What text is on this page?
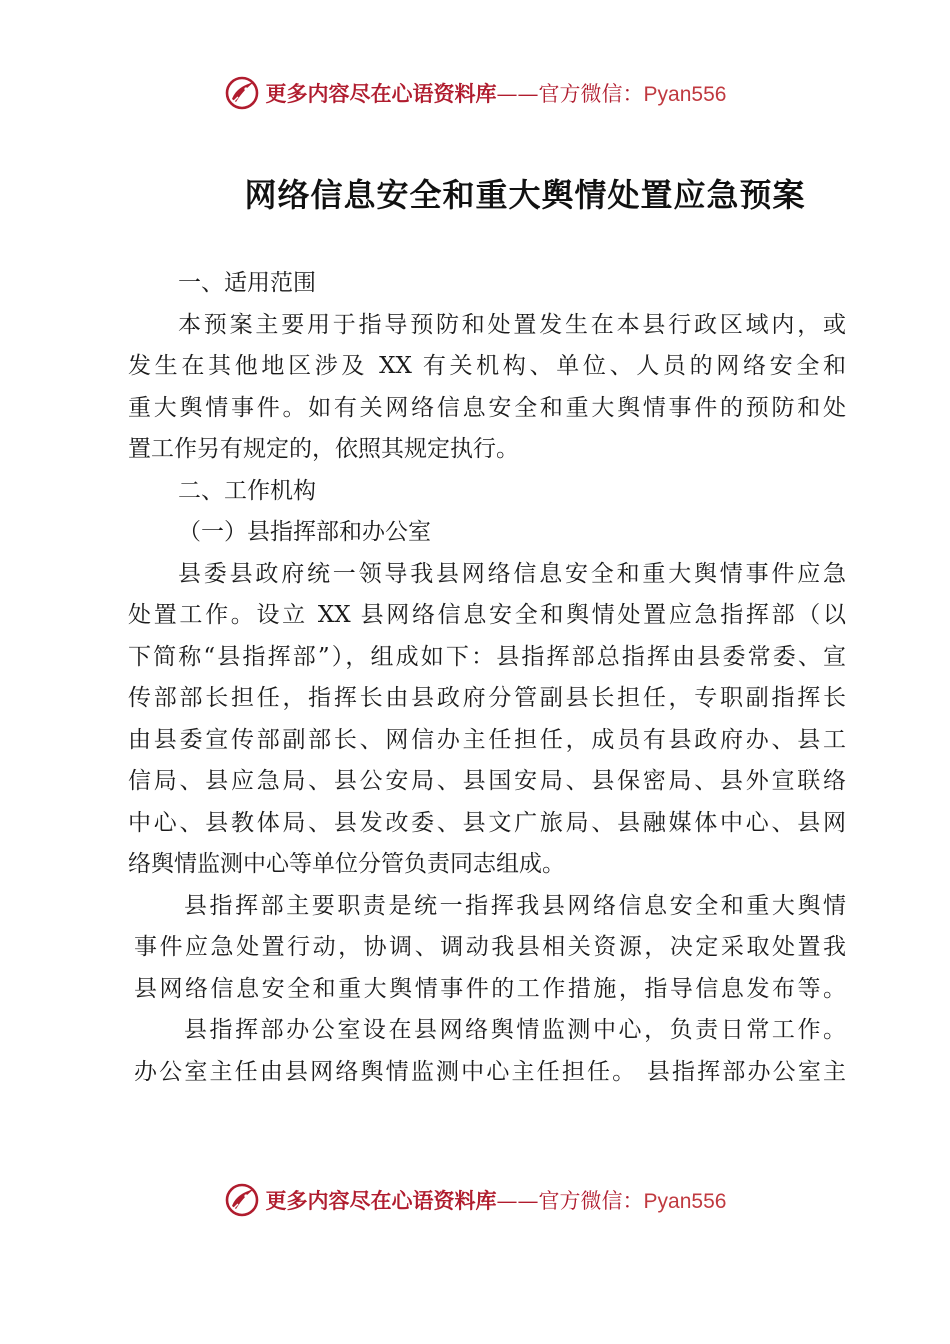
更多内容尽在心语资料库——官方微信：Pyan556
网络信息安全和重大舆情处置应急预案
一、适用范围
本预案主要用于指导预防和处置发生在本县行政区域内，或
发生在其他地区涉及 XX 有关机构、单位、人员的网络安全和
重大舆情事件。如有关网络信息安全和重大舆情事件的预防和处
置工作另有规定的，依照其规定执行。
二、工作机构
（一）县指挥部和办公室
县委县政府统一领导我县网络信息安全和重大舆情事件应急
处置工作。设立 XX 县网络信息安全和舆情处置应急指挥部（以
下简称“县指挥部”），组成如下：县指挥部总指挥由县委常委、宣
传部部长担任，指挥长由县政府分管副县长担任，专职副指挥长
由县委宣传部副部长、网信办主任担任，成员有县政府办、县工
信局、县应急局、县公安局、县国安局、县保密局、县外宣联络
中心、县教体局、县发改委、县文广旅局、县融媒体中心、县网
络舆情监测中心等单位分管负责同志组成。
县指挥部主要职责是统一指挥我县网络信息安全和重大舆情
事件应急处置行动，协调、调动我县相关资源，决定采取处置我
县网络信息安全和重大舆情事件的工作措施，指导信息发布等。
县指挥部办公室设在县网络舆情监测中心，负责日常工作。
办公室主任由县网络舆情监测中心主任担任。 县指挥部办公室主
更多内容尽在心语资料库——官方微信：Pyan556
